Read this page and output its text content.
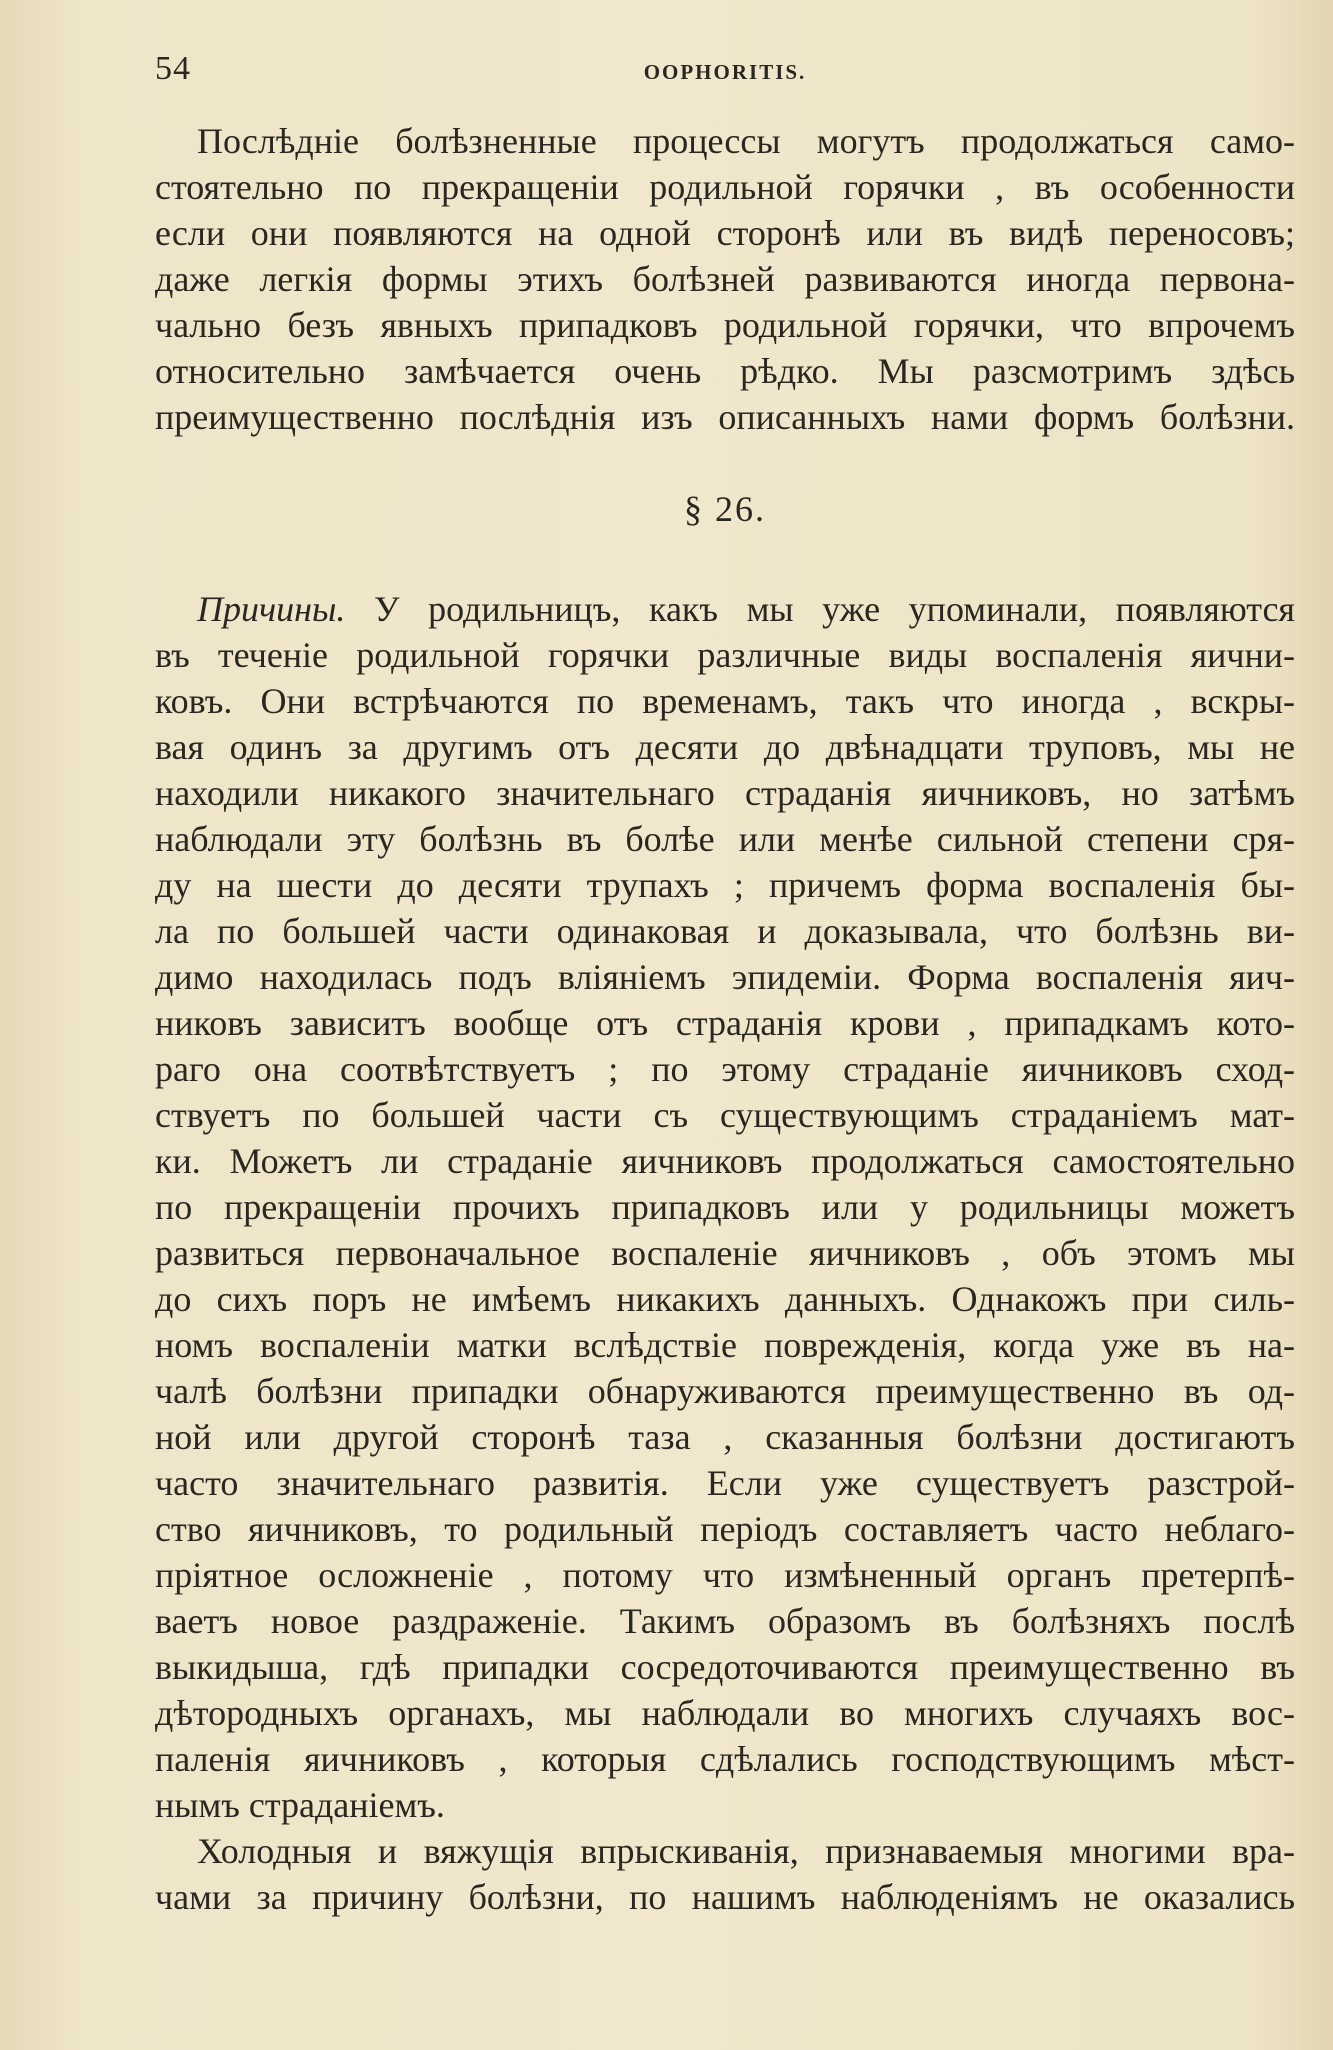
54	OOPHORITIS.
Послѣдніе болѣзненные процессы могутъ продолжаться само-
стоятельно по прекращеніи родильной горячки , въ особенности
если они появляются на одной сторонѣ или въ видѣ переносовъ;
даже легкія формы этихъ болѣзней развиваются иногда первона-
чально безъ явныхъ припадковъ родильной горячки, что впрочемъ
относительно замѣчается очень рѣдко. Мы разсмотримъ здѣсь
преимущественно послѣднія изъ описанныхъ нами формъ болѣзни.
§ 26.
Причины. У родильницъ, какъ мы уже упоминали, появляются
въ теченіе родильной горячки различные виды воспаленія яични-
ковъ. Они встрѣчаются по временамъ, такъ что иногда , вскры-
вая одинъ за другимъ отъ десяти до двѣнадцати труповъ, мы не
находили никакого значительнаго страданія яичниковъ, но затѣмъ
наблюдали эту болѣзнь въ болѣе или менѣе сильной степени сря-
ду на шести до десяти трупахъ ; причемъ форма воспаленія бы-
ла по большей части одинаковая и доказывала, что болѣзнь ви-
димо находилась подъ вліяніемъ эпидеміи. Форма воспаленія яич-
никовъ зависитъ вообще отъ страданія крови , припадкамъ кото-
раго она соотвѣтствуетъ ; по этому страданіе яичниковъ сход-
ствуетъ по большей части съ существующимъ страданіемъ мат-
ки. Можетъ ли страданіе яичниковъ продолжаться самостоятельно
по прекращеніи прочихъ припадковъ или у родильницы можетъ
развиться первоначальное воспаленіе яичниковъ , объ этомъ мы
до сихъ поръ не имѣемъ никакихъ данныхъ. Однакожъ при силь-
номъ воспаленіи матки вслѣдствіе поврежденія, когда уже въ на-
чалѣ болѣзни припадки обнаруживаются преимущественно въ од-
ной или другой сторонѣ таза , сказанныя болѣзни достигаютъ
часто значительнаго развитія. Если уже существуетъ разстрой-
ство яичниковъ, то родильный періодъ составляетъ часто неблаго-
пріятное осложненіе , потому что измѣненный органъ претерпѣ-
ваетъ новое раздраженіе. Такимъ образомъ въ болѣзняхъ послѣ
выкидыша, гдѣ припадки сосредоточиваются преимущественно въ
дѣтородныхъ органахъ, мы наблюдали во многихъ случаяхъ вос-
паленія яичниковъ , которыя сдѣлались господствующимъ мѣст-
нымъ страданіемъ.
Холодныя и вяжущія впрыскиванія, признаваемыя многими вра-
чами за причину болѣзни, по нашимъ наблюденіямъ не оказались
